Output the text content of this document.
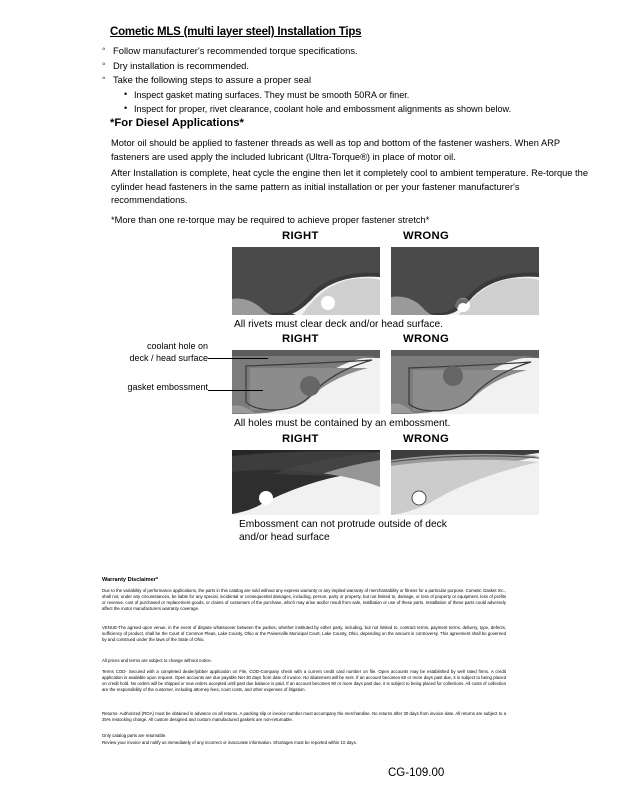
Cometic MLS (multi layer steel) Installation Tips
◦ Follow manufacturer's recommended torque specifications.
◦ Dry installation is recommended.
◦ Take the following steps to assure a proper seal
• Inspect gasket mating surfaces. They must be smooth 50RA or finer.
• Inspect for proper, rivet clearance, coolant hole and embossment alignments as shown below.
*For Diesel Applications*
Motor oil should be applied to fastener threads as well as top and bottom of the fastener washers. When ARP fasteners are used apply the included lubricant (Ultra-Torque®) in place of motor oil.
After Installation is complete, heat cycle the engine then let it completely cool to ambient temperature. Re-torque the cylinder head fasteners in the same pattern as initial installation or per your fastener manufacturer's recommendations.
*More than one re-torque may be required to achieve proper fastener stretch*
RIGHT	WRONG
All rivets must clear deck and/or head surface.
RIGHT	WRONG
coolant hole on
deck / head surface
gasket embossment
All holes must be contained by an embossment.
RIGHT	WRONG
Embossment can not protrude outside of deck
and/or head surface
Warranty Disclaimer*
Due to the variability of performance applications, the parts in this catalog are sold without any express warranty or any implied warranty of merchantability or fitness for a particular purpose. Cometic Gasket Inc., shall not, under any circumstances, be liable for any special, incidental or consequential damages, including, person, party or property, but not limited to, damage, or loss of property or equipment, loss of profits or revenue, cost of purchased or replacement goods, or claims of customers of the purchase, which may arise and/or result from sale, instillation or use of these parts. Installation of these parts could adversely affect the motor manufacturers warranty coverage.
VENUE-The agreed upon venue, in the event of dispute whatsoever between the parties, whether instituted by either party, including, but not limited to, contract terms, payment terms, delivery, type, defects, sufficiency of product, shall be the Court of Common Pleas, Lake County, Ohio or the Painesville Municipal Court, Lake County, Ohio, depending on the amount in controversy. This agreement shall be governed by and construed under the laws of the State of Ohio.
All prices and terms are subject to change without notice.
Terms COD- Secured with a completed dealer/jobber application on File, COD-Company check with a current credit card number on file. Open accounts may be established by well rated firms. A credit application is available upon request. Open accounts are due payable Net 30 days from date of invoice. No abatement will be sent. If an account becomes 60 or more days past due, it is subject to being placed on credit hold. No orders will be shipped or new orders accepted until past due balance is paid. If an account becomes 90 or more days past due, it is subject to being placed for collections. All costs of collection are the responsibility of the customer, including attorney fees, court costs, and other expenses of litigation.
Returns- Authorized (ROA) must be obtained in advance on all returns. A packing slip or invoice number must accompany the merchandise. No returns after 30 days from invoice date. All returns are subject to a 25% restocking charge. All custom designed and custom manufactured gaskets are non-returnable.
Only catalog parts are returnable.
Review your invoice and notify us immediately of any incorrect or inaccurate information. Shortages must be reported within 10 days.
CG-109.00
